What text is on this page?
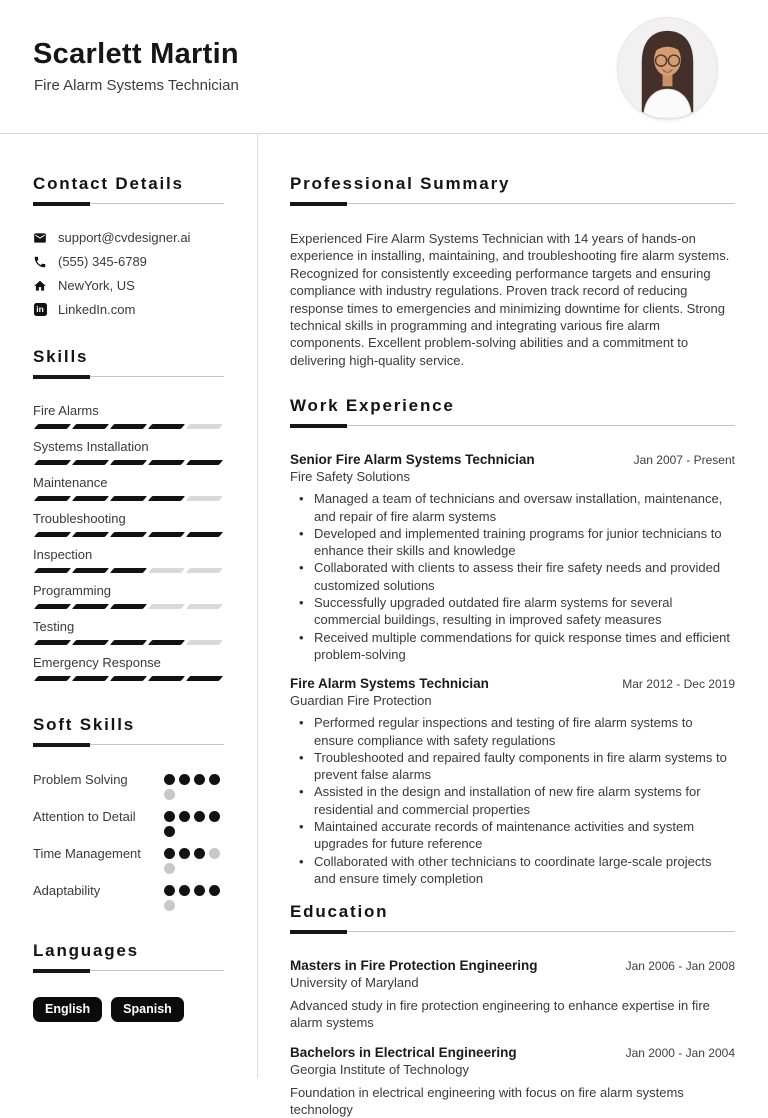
Scarlett Martin
Fire Alarm Systems Technician
Contact Details
support@cvdesigner.ai
(555) 345-6789
NewYork, US
in LinkedIn.com
Skills
Fire Alarms
Systems Installation
Maintenance
Troubleshooting
Inspection
Programming
Testing
Emergency Response
Soft Skills
Problem Solving
Attention to Detail
Time Management
Adaptability
Languages
English	Spanish
Professional Summary

Experienced Fire Alarm Systems Technician with 14 years of hands-on experience in installing, maintaining, and troubleshooting fire alarm systems. Recognized for consistently exceeding performance targets and ensuring compliance with industry regulations. Proven track record of reducing response times to emergencies and minimizing downtime for clients. Strong technical skills in programming and integrating various fire alarm components. Excellent problem-solving abilities and a commitment to delivering high-quality service.

Work Experience
Senior Fire Alarm Systems Technician	Jan 2007 - Present
Fire Safety Solutions
• Managed a team of technicians and oversaw installation, maintenance, and repair of fire alarm systems
• Developed and implemented training programs for junior technicians to enhance their skills and knowledge
• Collaborated with clients to assess their fire safety needs and provided customized solutions
• Successfully upgraded outdated fire alarm systems for several commercial buildings, resulting in improved safety measures
• Received multiple commendations for quick response times and efficient problem-solving
Fire Alarm Systems Technician	Mar 2012 - Dec 2019
Guardian Fire Protection
• Performed regular inspections and testing of fire alarm systems to ensure compliance with safety regulations
• Troubleshooted and repaired faulty components in fire alarm systems to prevent false alarms
• Assisted in the design and installation of new fire alarm systems for residential and commercial properties
• Maintained accurate records of maintenance activities and system upgrades for future reference
• Collaborated with other technicians to coordinate large-scale projects and ensure timely completion
Education
Masters in Fire Protection Engineering	Jan 2006 - Jan 2008
University of Maryland
Advanced study in fire protection engineering to enhance expertise in fire alarm systems
Bachelors in Electrical Engineering	Jan 2000 - Jan 2004
Georgia Institute of Technology
Foundation in electrical engineering with focus on fire alarm systems technology
